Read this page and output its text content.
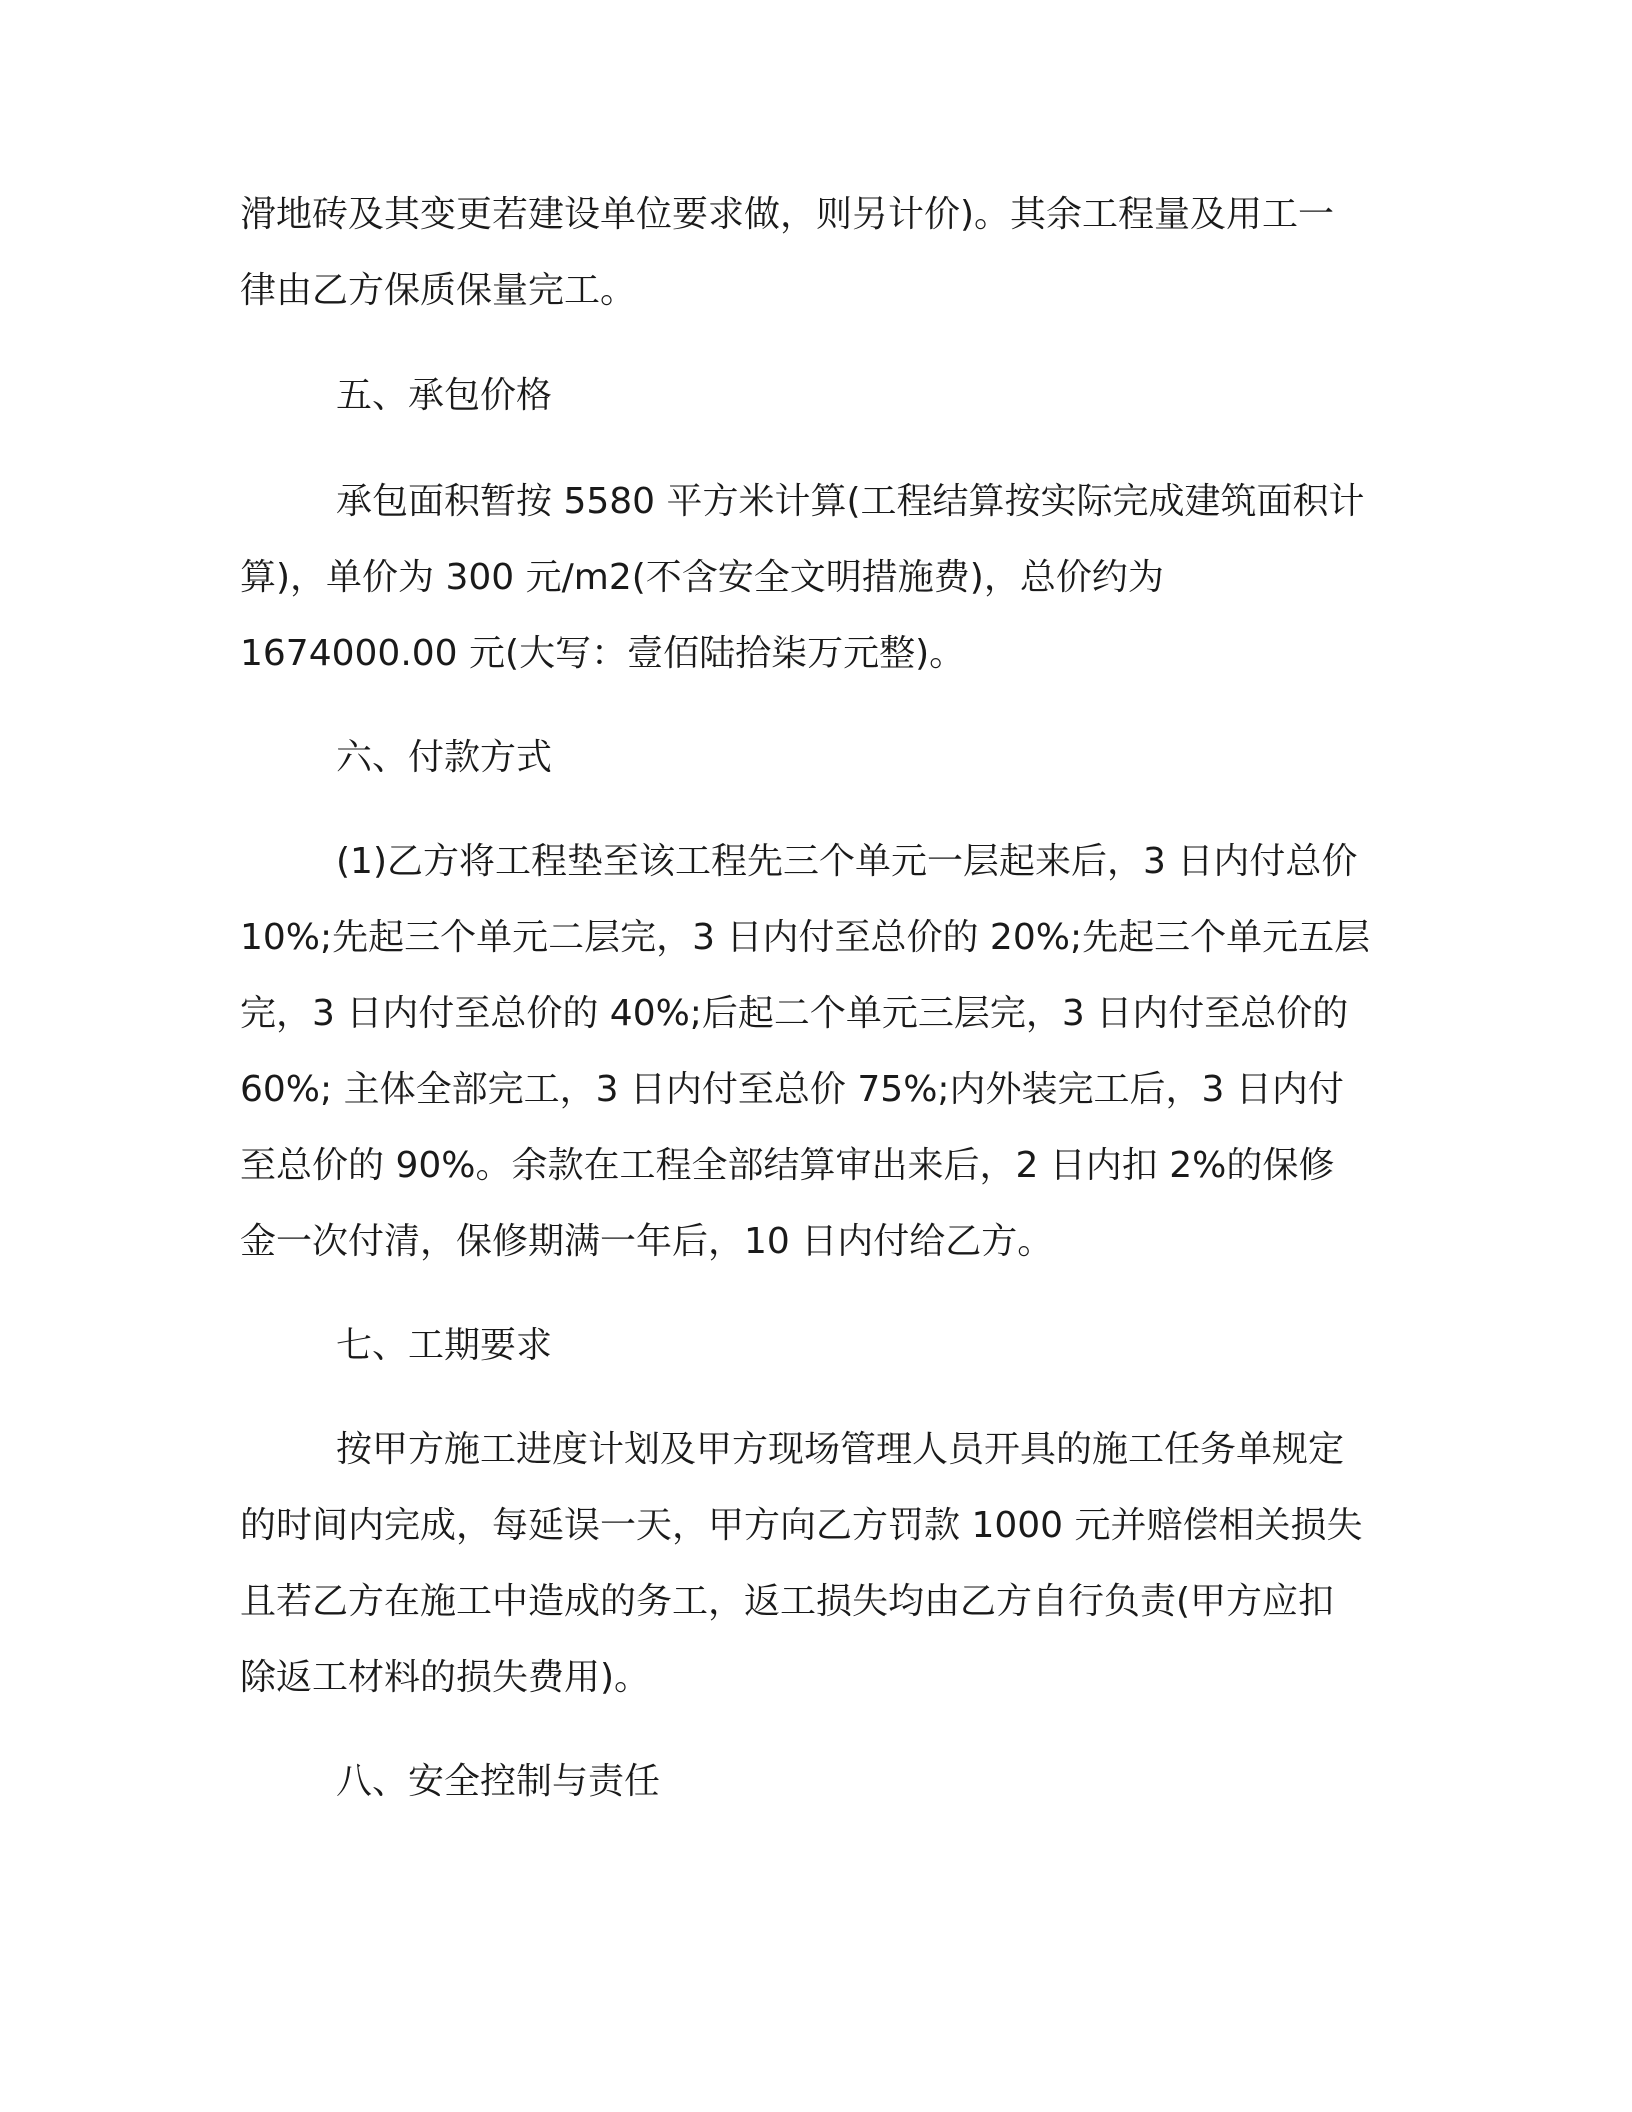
滑地砖及其变更若建设单位要求做，则另计价)。其余工程量及用工一
律由乙方保质保量完工。
五、承包价格
承包面积暂按 5580 平方米计算(工程结算按实际完成建筑面积计
算)，单价为 300 元/m2(不含安全文明措施费)，总价约为
1674000.00 元(大写：壹佰陆拾柒万元整)。
六、付款方式
(1)乙方将工程垫至该工程先三个单元一层起来后，3 日内付总价
10%;先起三个单元二层完，3 日内付至总价的 20%;先起三个单元五层
完，3 日内付至总价的 40%;后起二个单元三层完，3 日内付至总价的
60%; 主体全部完工，3 日内付至总价 75%;内外装完工后，3 日内付
至总价的 90%。余款在工程全部结算审出来后，2 日内扣 2%的保修
金一次付清，保修期满一年后，10 日内付给乙方。
七、工期要求
按甲方施工进度计划及甲方现场管理人员开具的施工任务单规定
的时间内完成，每延误一天，甲方向乙方罚款 1000 元并赔偿相关损失
且若乙方在施工中造成的务工，返工损失均由乙方自行负责(甲方应扣
除返工材料的损失费用)。
八、安全控制与责任
